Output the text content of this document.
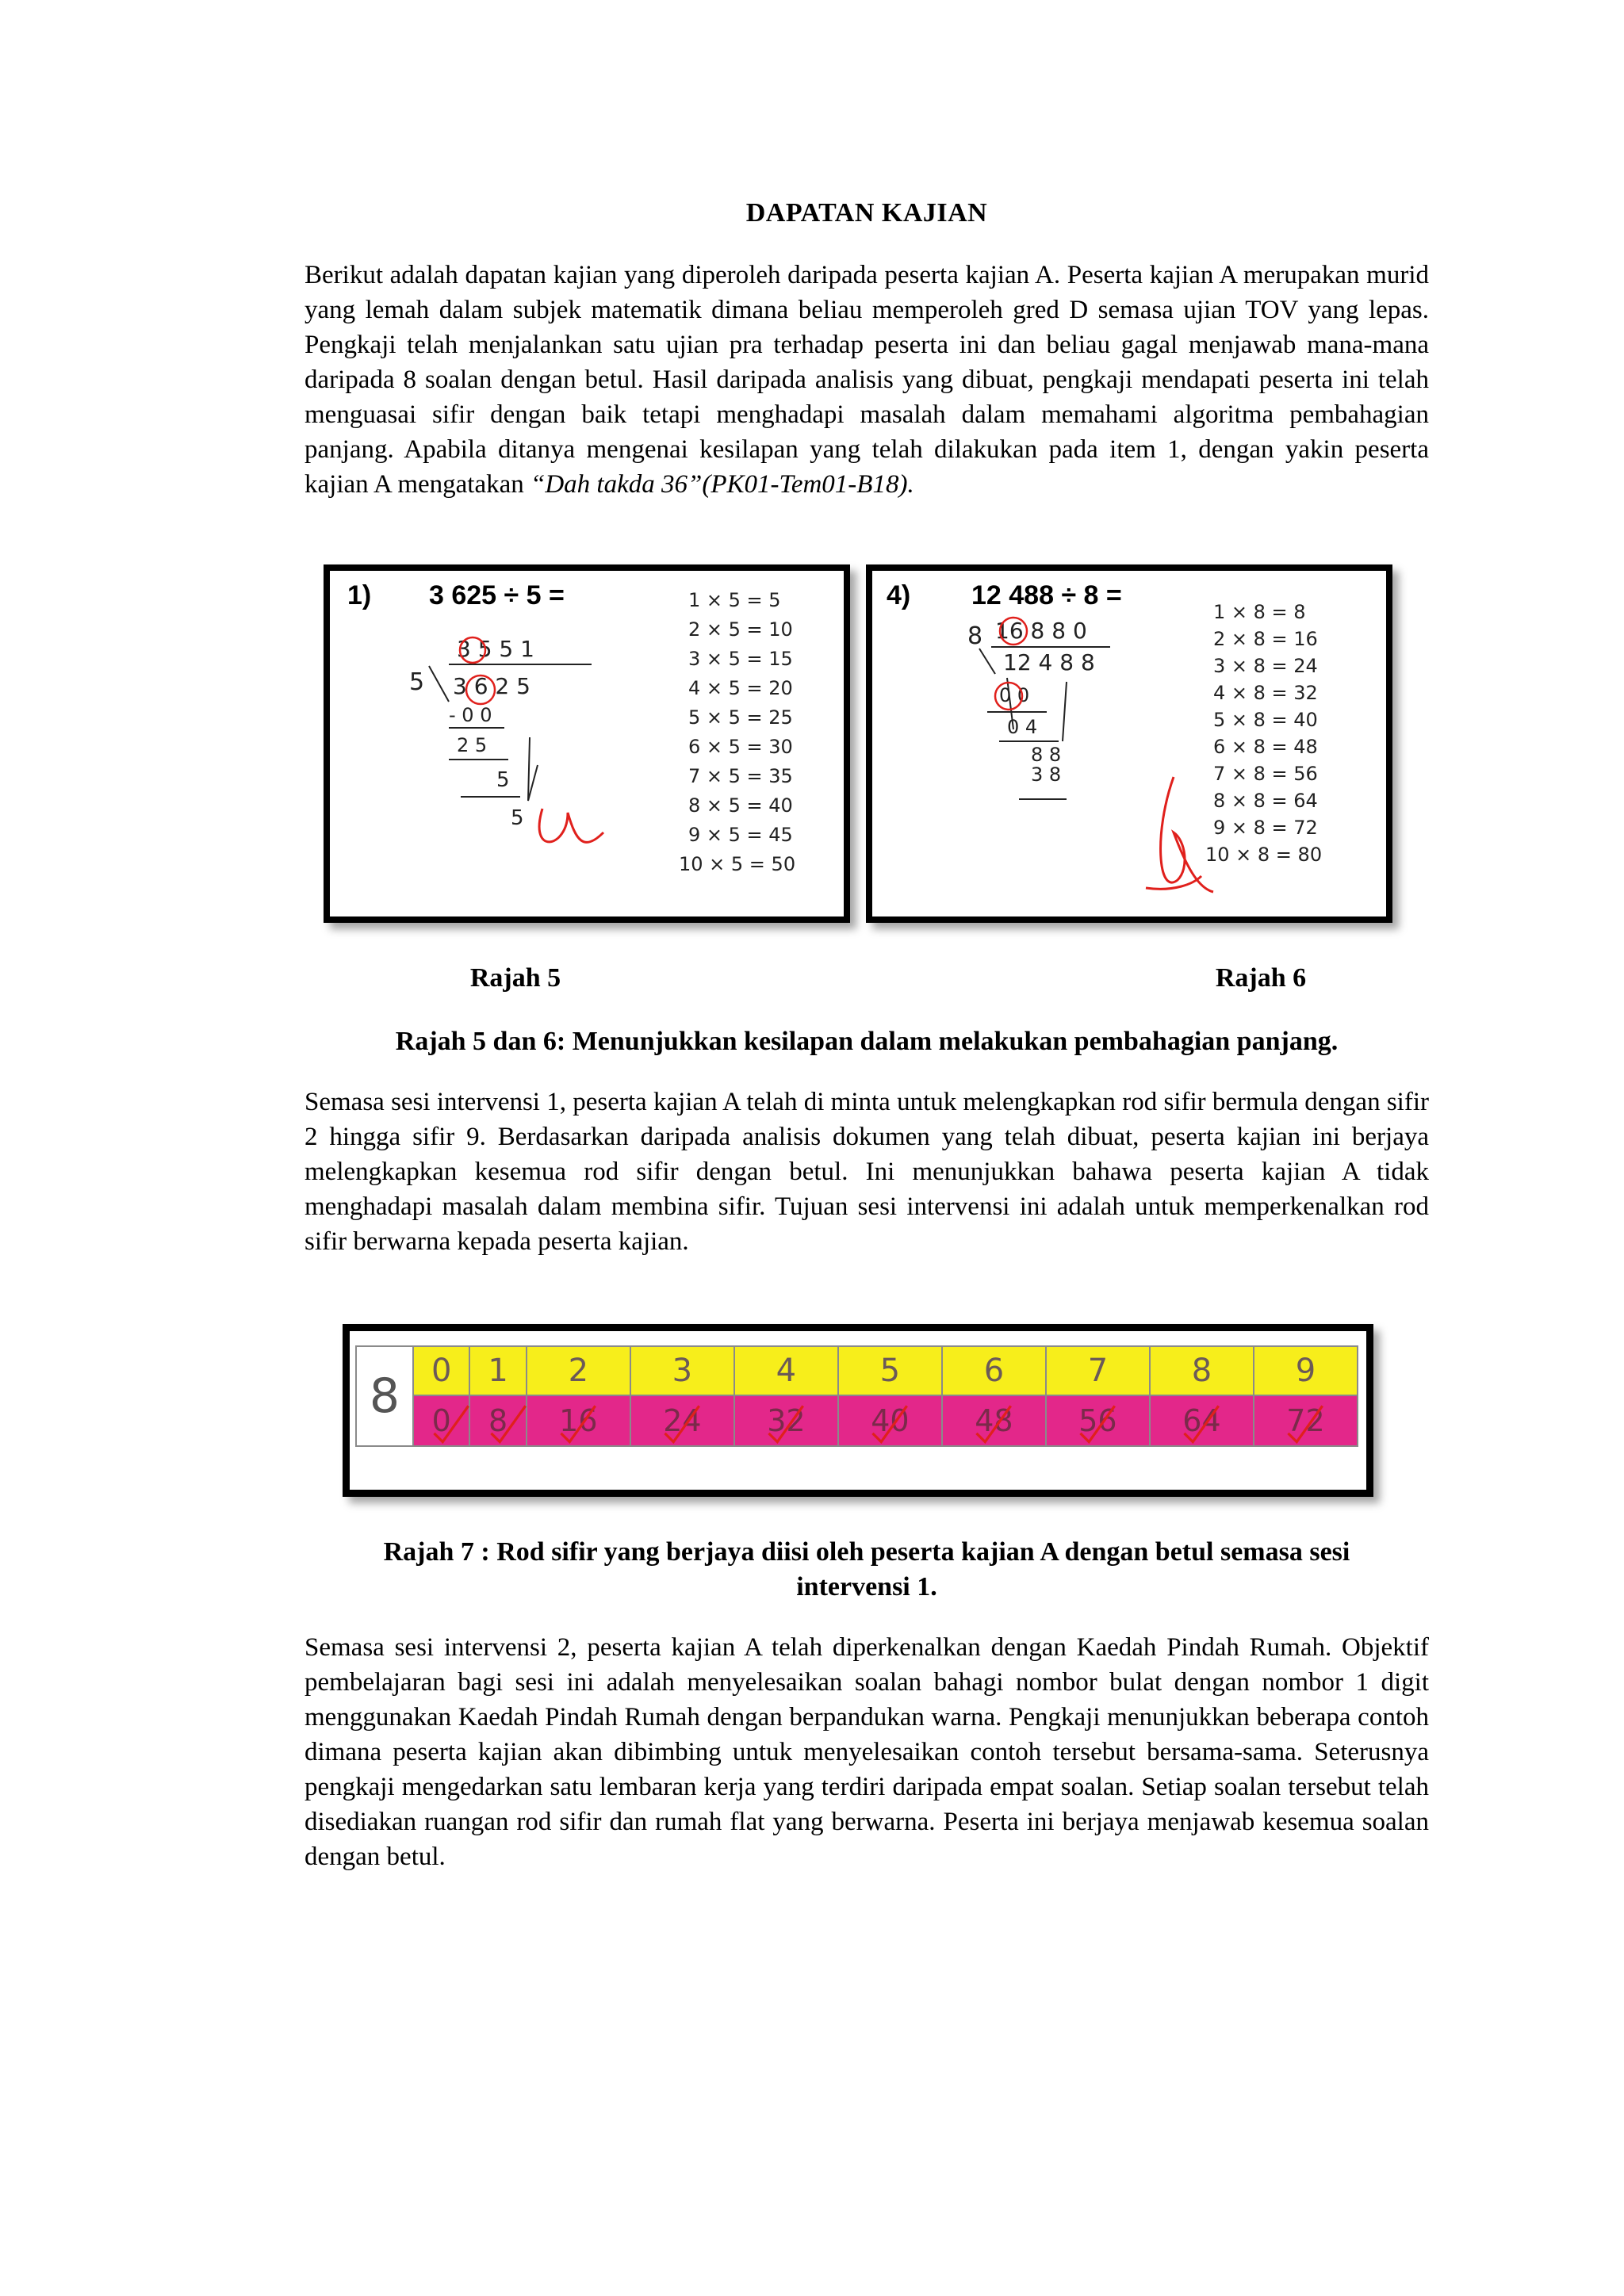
DAPATAN KAJIAN
Berikut adalah dapatan kajian yang diperoleh daripada peserta kajian A. Peserta kajian A merupakan murid yang lemah dalam subjek matematik dimana beliau memperoleh gred D semasa ujian TOV yang lepas. Pengkaji telah menjalankan satu ujian pra terhadap peserta ini dan beliau gagal menjawab mana-mana daripada 8 soalan dengan betul. Hasil daripada analisis yang dibuat, pengkaji mendapati peserta ini telah menguasai sifir dengan baik tetapi menghadapi masalah dalam memahami algoritma pembahagian panjang. Apabila ditanya mengenai kesilapan yang telah dilakukan pada item 1, dengan yakin peserta kajian A mengatakan “Dah takda 36”(PK01-Tem01-B18).
1) 3 625 ÷ 5 =
3 5 5 1
5 3 6 2 5
- 0 0
2 5
5
5
1 × 5 = 5
2 × 5 = 10
3 × 5 = 15
4 × 5 = 20
5 × 5 = 25
6 × 5 = 30
7 × 5 = 35
8 × 5 = 40
9 × 5 = 45
10 × 5 = 50
4) 12 488 ÷ 8 =
16 8 8 0
8
12 4 8 8
0 0
0 4
8 8
3 8
1 × 8 = 8
2 × 8 = 16
3 × 8 = 24
4 × 8 = 32
5 × 8 = 40
6 × 8 = 48
7 × 8 = 56
8 × 8 = 64
9 × 8 = 72
10 × 8 = 80
Rajah 5	Rajah 6
Rajah 5 dan 6: Menunjukkan kesilapan dalam melakukan pembahagian panjang.
Semasa sesi intervensi 1, peserta kajian A telah di minta untuk melengkapkan rod sifir bermula dengan sifir 2 hingga sifir 9. Berdasarkan daripada analisis dokumen yang telah dibuat, peserta kajian ini berjaya melengkapkan kesemua rod sifir dengan betul. Ini menunjukkan bahawa peserta kajian A tidak menghadapi masalah dalam membina sifir. Tujuan sesi intervensi ini adalah untuk memperkenalkan rod sifir berwarna kepada peserta kajian.
8	0	1	2	3	4	5	6	7	8	9
	0	8	16	24	32	40	48	56	64	72
Rajah 7 : Rod sifir yang berjaya diisi oleh peserta kajian A dengan betul semasa sesi
intervensi 1.
Semasa sesi intervensi 2, peserta kajian A telah diperkenalkan dengan Kaedah Pindah Rumah. Objektif pembelajaran bagi sesi ini adalah menyelesaikan soalan bahagi nombor bulat dengan nombor 1 digit menggunakan Kaedah Pindah Rumah dengan berpandukan warna. Pengkaji menunjukkan beberapa contoh dimana peserta kajian akan dibimbing untuk menyelesaikan contoh tersebut bersama-sama. Seterusnya pengkaji mengedarkan satu lembaran kerja yang terdiri daripada empat soalan. Setiap soalan tersebut telah disediakan ruangan rod sifir dan rumah flat yang berwarna. Peserta ini berjaya menjawab kesemua soalan dengan betul.
